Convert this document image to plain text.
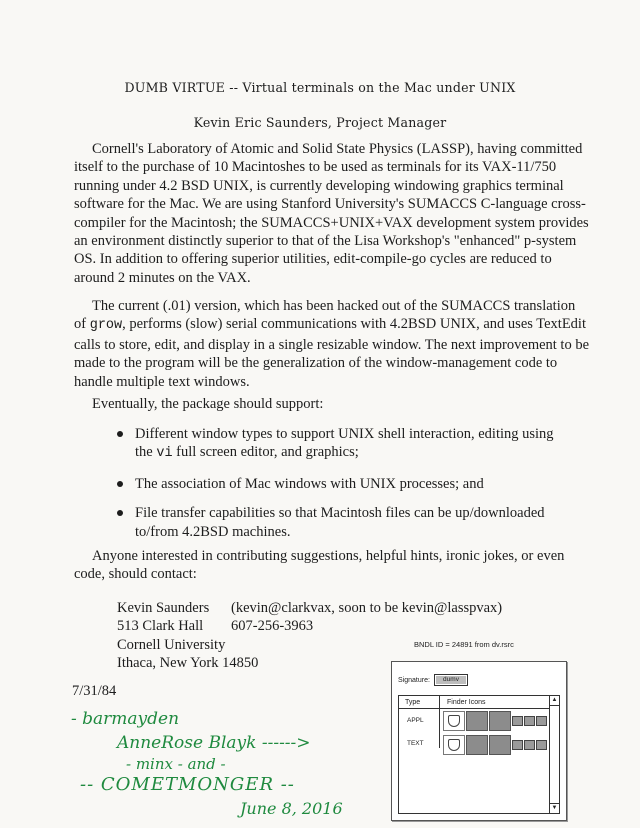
DUMB VIRTUE -- Virtual terminals on the Mac under UNIX
Kevin Eric Saunders, Project Manager

Cornell's Laboratory of Atomic and Solid State Physics (LASSP), having committed itself to the purchase of 10 Macintoshes to be used as terminals for its VAX-11/750 running under 4.2 BSD UNIX, is currently developing windowing graphics terminal software for the Mac. We are using Stanford University's SUMACCS C-language cross-compiler for the Macintosh; the SUMACCS+UNIX+VAX development system provides an environment distinctly superior to that of the Lisa Workshop's "enhanced" p-system OS. In addition to offering superior utilities, edit-compile-go cycles are reduced to around 2 minutes on the VAX.

The current (.01) version, which has been hacked out of the SUMACCS translation of grow, performs (slow) serial communications with 4.2BSD UNIX, and uses TextEdit calls to store, edit, and display in a single resizable window. The next improvement to be made to the program will be the generalization of the window-management code to handle multiple text windows.

Eventually, the package should support:

Different window types to support UNIX shell interaction, editing using the vi full screen editor, and graphics;
The association of Mac windows with UNIX processes; and
File transfer capabilities so that Macintosh files can be up/downloaded to/from 4.2BSD machines.

Anyone interested in contributing suggestions, helpful hints, ironic jokes, or even code, should contact:

Kevin Saunders (kevin@clarkvax, soon to be kevin@lasspvax)
513 Clark Hall 607-256-3963
Cornell University
Ithaca, New York 14850
7/31/84
BNDL ID = 24891 from dv.rsrc
Signature:	dumv
Type	Finder Icons
APPL
TEXT
▲
▼
- barmayden
AnneRose Blayk ------>
- minx - and -
-- COMETMONGER --
June 8, 2016
